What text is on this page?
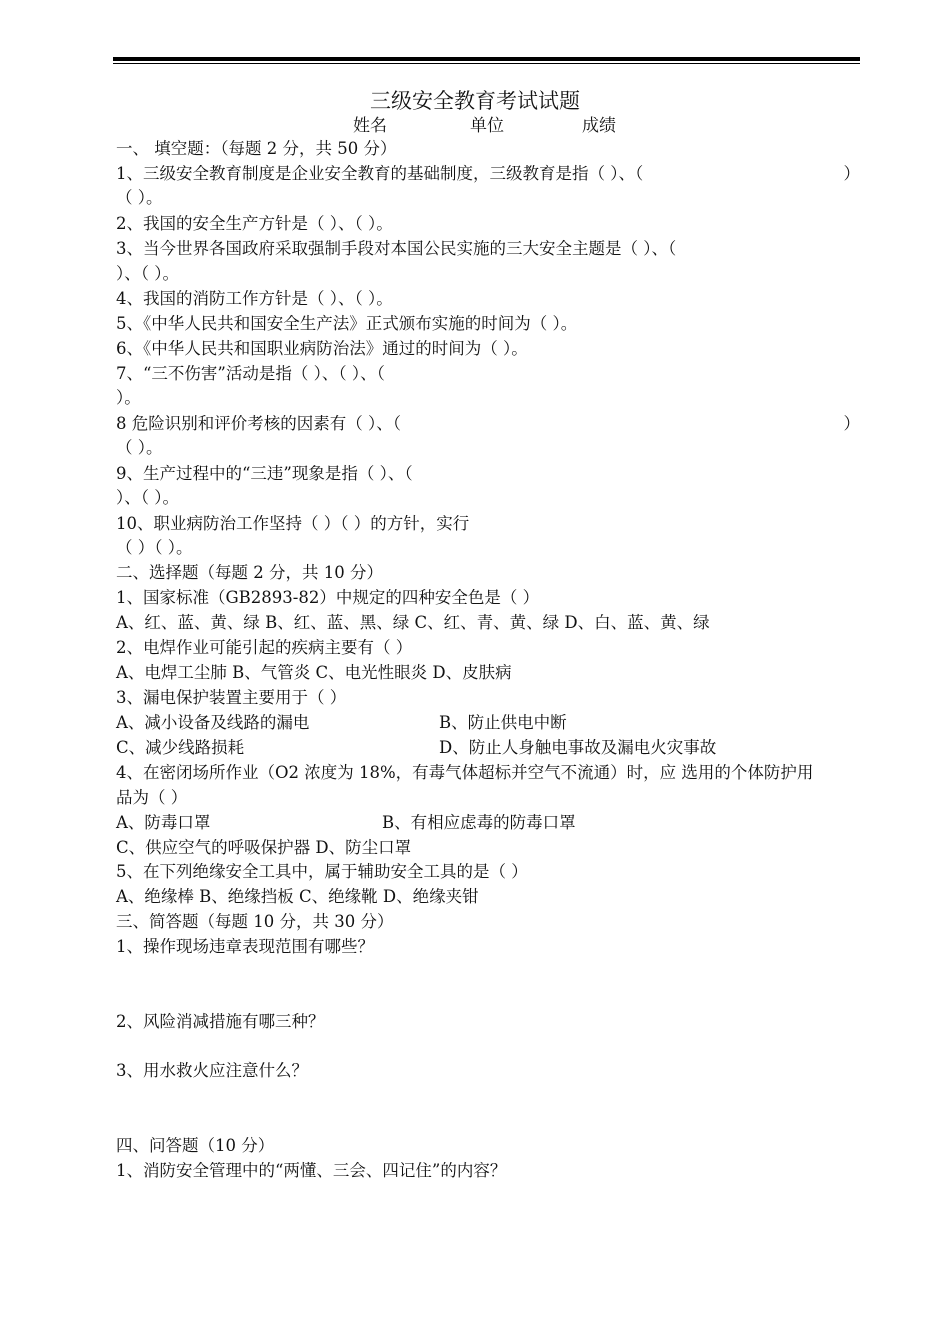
三级安全教育考试试题
姓名	单位	成绩
一、 填空题：（每题 2 分，共 50 分）
1、三级安全教育制度是企业安全教育的基础制度，三级教育是指（ ）、（	）
（ ）。
2、我国的安全生产方针是（ ）、（ ）。
3、当今世界各国政府采取强制手段对本国公民实施的三大安全主题是（ ）、（
）、（ ）。
4、我国的消防工作方针是（ ）、（ ）。
5、《中华人民共和国安全生产法》正式颁布实施的时间为（ ）。
6、《中华人民共和国职业病防治法》通过的时间为（ ）。
7、“三不伤害”活动是指（ ）、（ ）、（
）。
8 危险识别和评价考核的因素有（ ）、（	）
（ ）。
9、生产过程中的“三违”现象是指（ ）、（
）、（ ）。
10、职业病防治工作坚持（ ）（ ）的方针，实行
（ ）（ ）。
二、选择题（每题 2 分，共 10 分）
1、国家标准（GB2893-82）中规定的四种安全色是（ ）
A、红、蓝、黄、绿 B、红、蓝、黑、绿 C、红、青、黄、绿 D、白、蓝、黄、绿
2、电焊作业可能引起的疾病主要有（ ）
A、电焊工尘肺 B、气管炎 C、电光性眼炎 D、皮肤病
3、漏电保护装置主要用于（ ）
A、减小设备及线路的漏电	B、防止供电中断
C、减少线路损耗	D、防止人身触电事故及漏电火灾事故
4、在密闭场所作业（O2 浓度为 18%，有毒气体超标并空气不流通）时，应 选用的个体防护用
品为（ ）
A、防毒口罩	B、有相应虑毒的防毒口罩
C、供应空气的呼吸保护器 D、防尘口罩
5、在下列绝缘安全工具中，属于辅助安全工具的是（ ）
A、绝缘棒 B、绝缘挡板 C、绝缘靴 D、绝缘夹钳
三、简答题（每题 10 分，共 30 分）
1、操作现场违章表现范围有哪些？
2、风险消减措施有哪三种？
3、用水救火应注意什么？
四、问答题（10 分）
1、消防安全管理中的“两懂、三会、四记住”的内容？
